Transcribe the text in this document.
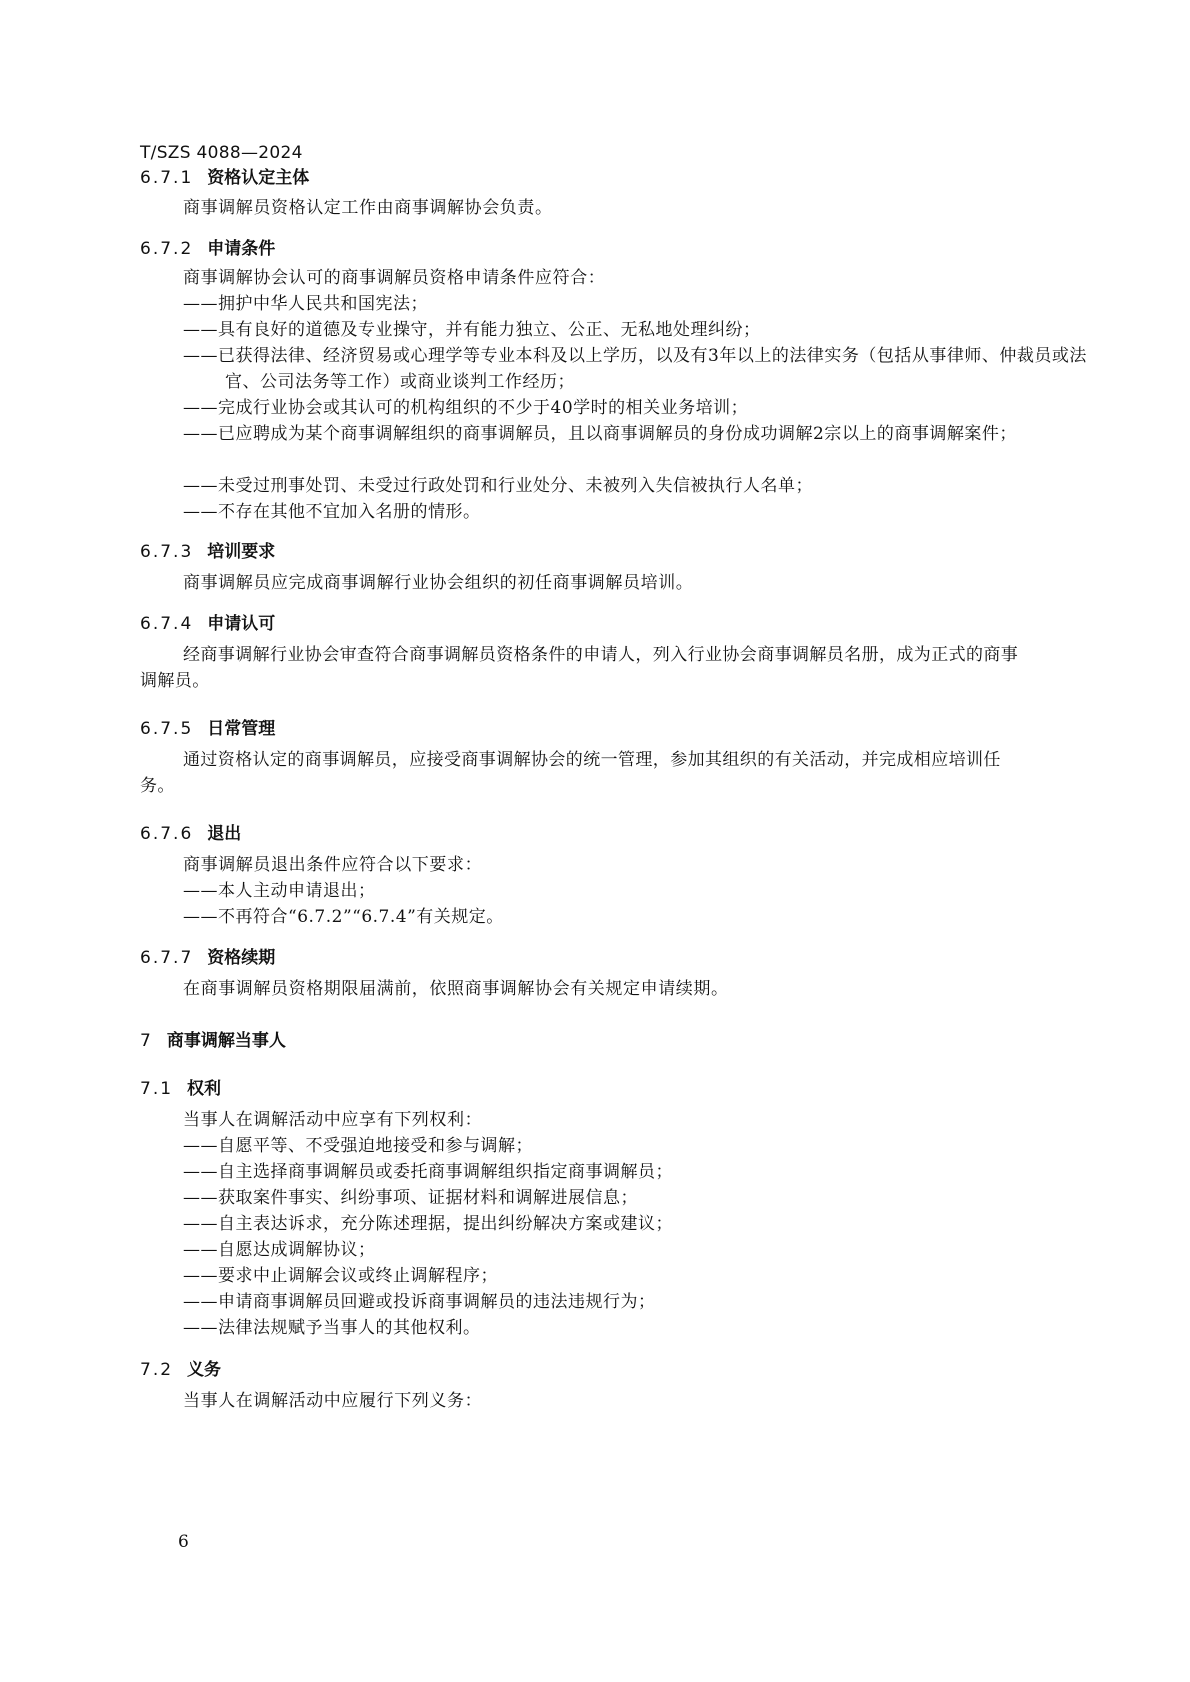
T/SZS 4088—2024
6.7.1 资格认定主体
商事调解员资格认定工作由商事调解协会负责。
6.7.2 申请条件
商事调解协会认可的商事调解员资格申请条件应符合：
——拥护中华人民共和国宪法；
——具有良好的道德及专业操守，并有能力独立、公正、无私地处理纠纷；
——已获得法律、经济贸易或心理学等专业本科及以上学历，以及有3年以上的法律实务（包括从事律师、仲裁员或法官、公司法务等工作）或商业谈判工作经历；
——完成行业协会或其认可的机构组织的不少于40学时的相关业务培训；
——已应聘成为某个商事调解组织的商事调解员，且以商事调解员的身份成功调解2宗以上的商事调解案件；
——未受过刑事处罚、未受过行政处罚和行业处分、未被列入失信被执行人名单；
——不存在其他不宜加入名册的情形。
6.7.3 培训要求
商事调解员应完成商事调解行业协会组织的初任商事调解员培训。
6.7.4 申请认可
经商事调解行业协会审查符合商事调解员资格条件的申请人，列入行业协会商事调解员名册，成为正式的商事调解员。
6.7.5 日常管理
通过资格认定的商事调解员，应接受商事调解协会的统一管理，参加其组织的有关活动，并完成相应培训任务。
6.7.6 退出
商事调解员退出条件应符合以下要求：
——本人主动申请退出；
——不再符合“6.7.2”“6.7.4”有关规定。
6.7.7 资格续期
在商事调解员资格期限届满前，依照商事调解协会有关规定申请续期。
7 商事调解当事人
7.1 权利
当事人在调解活动中应享有下列权利：
——自愿平等、不受强迫地接受和参与调解；
——自主选择商事调解员或委托商事调解组织指定商事调解员；
——获取案件事实、纠纷事项、证据材料和调解进展信息；
——自主表达诉求，充分陈述理据，提出纠纷解决方案或建议；
——自愿达成调解协议；
——要求中止调解会议或终止调解程序；
——申请商事调解员回避或投诉商事调解员的违法违规行为；
——法律法规赋予当事人的其他权利。
7.2 义务
当事人在调解活动中应履行下列义务：
6
